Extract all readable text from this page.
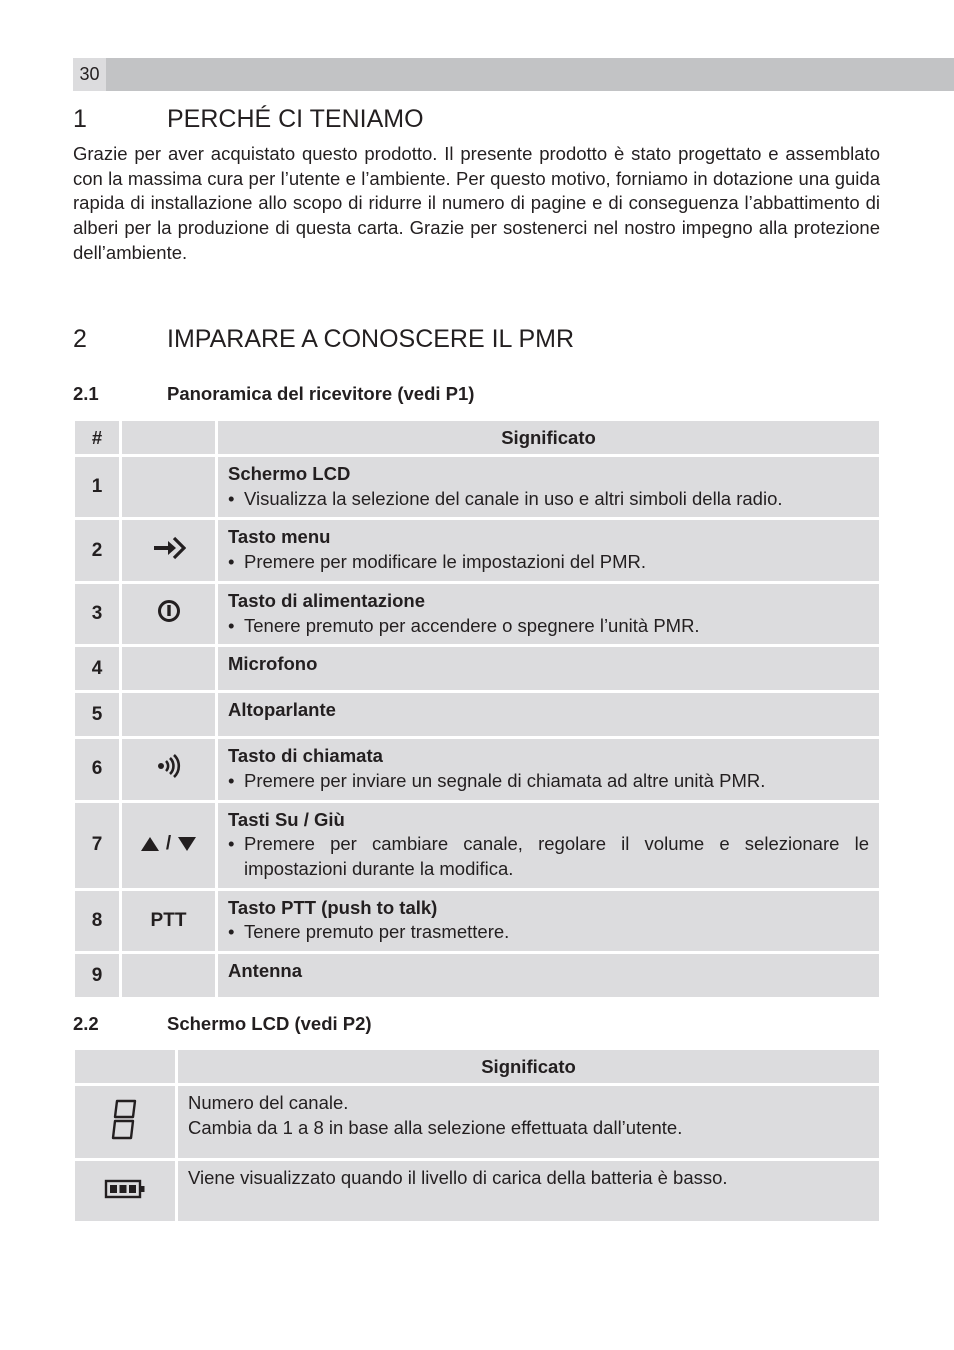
30
1	PERCHÉ CI TENIAMO
Grazie per aver acquistato questo prodotto. Il presente prodotto è stato progettato e assemblato con la massima cura per l’utente e l’ambiente. Per questo motivo, forniamo in dotazione una guida rapida di installazione allo scopo di ridurre il numero di pagine e di conseguenza l’abbattimento di alberi per la produzione di questa carta. Grazie per sostenerci nel nostro impegno alla protezione dell’ambiente.
2	IMPARARE A CONOSCERE IL PMR
2.1	Panoramica del ricevitore (vedi P1)
#		Significato
1		Schermo LCD
• Visualizza la selezione del canale in uso e altri simboli della radio.

2		Tasto menu
• Premere per modificare le impostazioni del PMR.

3		Tasto di alimentazione
• Tenere premuto per accendere o spegnere l’unità PMR.

4		Microfono

5		Altoparlante

6		Tasto di chiamata
• Premere per inviare un segnale di chiamata ad altre unità PMR.

7	/	Tasti Su / Giù
• Premere per cambiare canale, regolare il volume e selezionare le impostazioni durante la modifica.

8	PTT	Tasto PTT (push to talk)
• Tenere premuto per trasmettere.

9		Antenna
2.2	Schermo LCD (vedi P2)
	Significato

Numero del canale.
Cambia da 1 a 8 in base alla selezione effettuata dall’utente.

Viene visualizzato quando il livello di carica della batteria è basso.
